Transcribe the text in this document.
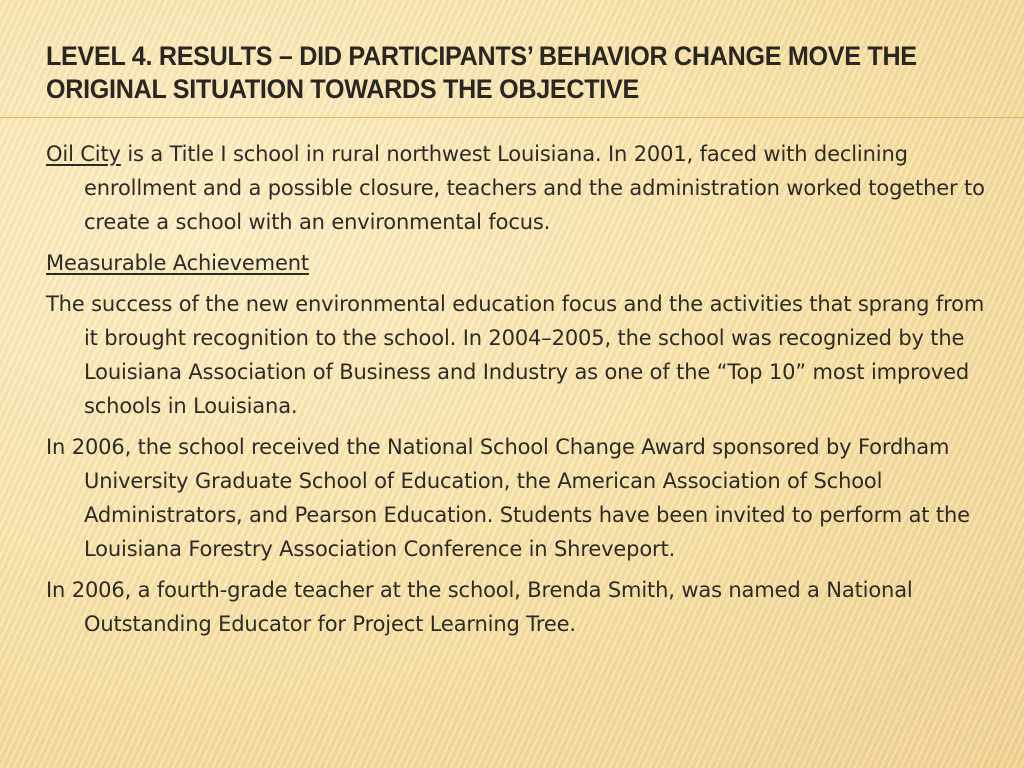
LEVEL 4. RESULTS – DID PARTICIPANTS’ BEHAVIOR CHANGE MOVE THE ORIGINAL SITUATION TOWARDS THE OBJECTIVE

Oil City is a Title I school in rural northwest Louisiana. In 2001, faced with declining enrollment and a possible closure, teachers and the administration worked together to create a school with an environmental focus.

Measurable Achievement

The success of the new environmental education focus and the activities that sprang from it brought recognition to the school. In 2004–2005, the school was recognized by the Louisiana Association of Business and Industry as one of the “Top 10” most improved schools in Louisiana.

In 2006, the school received the National School Change Award sponsored by Fordham University Graduate School of Education, the American Association of School Administrators, and Pearson Education. Students have been invited to perform at the Louisiana Forestry Association Conference in Shreveport.

In 2006, a fourth-grade teacher at the school, Brenda Smith, was named a National Outstanding Educator for Project Learning Tree.
